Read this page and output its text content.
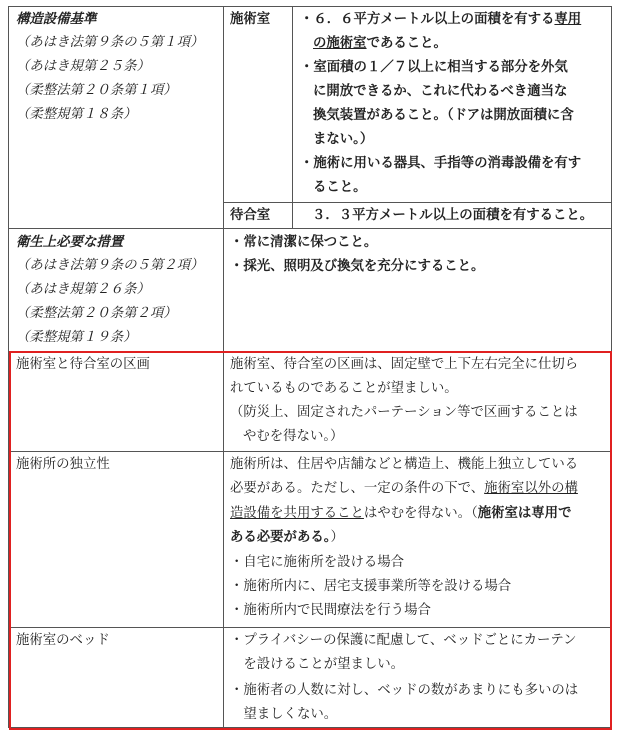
構造設備基準
（あはき法第９条の５第１項）
（あはき規第２５条）
（柔整法第２０条第１項）
（柔整規第１８条）
施術室 ・６．６平方メートル以上の面積を有する専用
の施術室であること。
・室面積の１／７以上に相当する部分を外気
に開放できるか、これに代わるべき適当な
換気装置があること。（ドアは開放面積に含
まない。）
・施術に用いる器具、手指等の消毒設備を有す
ること。
待合室	３．３平方メートル以上の面積を有すること。
衛生上必要な措置
（あはき法第９条の５第２項）
（あはき規第２６条）
（柔整法第２０条第２項）
（柔整規第１９条）
・常に清潔に保つこと。
・採光、照明及び換気を充分にすること。
施術室と待合室の区画	施術室、待合室の区画は、固定壁で上下左右完全に仕切ら
れているものであることが望ましい。
（防災上、固定されたパーテーション等で区画することは
やむを得ない。）
施術所の独立性	施術所は、住居や店舗などと構造上、機能上独立している
必要がある。ただし、一定の条件の下で、施術室以外の構
造設備を共用することはやむを得ない。（施術室は専用で
ある必要がある。）
・自宅に施術所を設ける場合
・施術所内に、居宅支援事業所等を設ける場合
・施術所内で民間療法を行う場合
施術室のベッド	・プライバシーの保護に配慮して、ベッドごとにカーテン
　を設けることが望ましい。
・施術者の人数に対し、ベッドの数があまりにも多いのは
　望ましくない。
